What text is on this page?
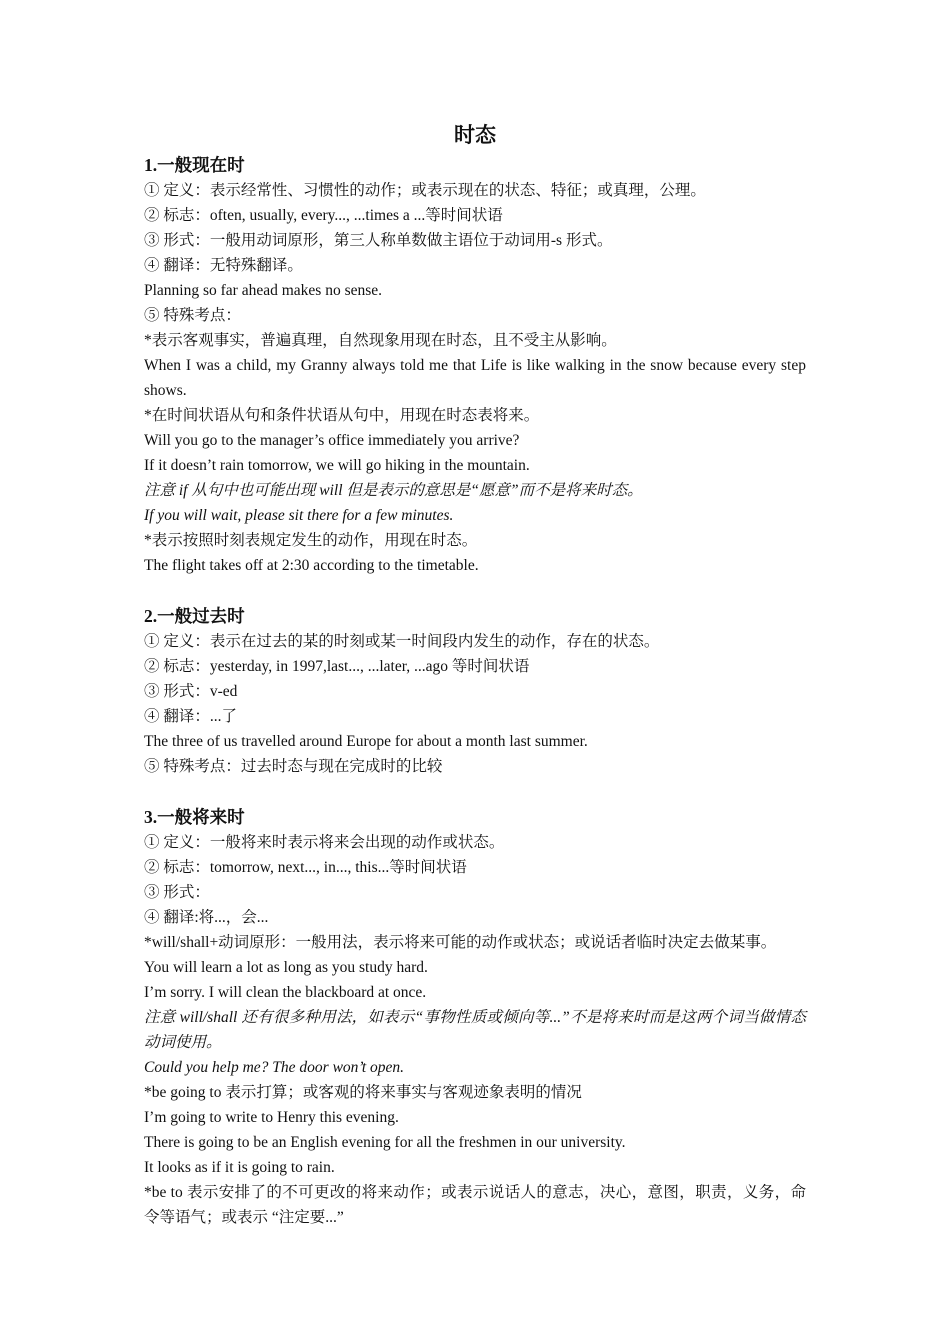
时态
1.一般现在时
① 定义：表示经常性、习惯性的动作；或表示现在的状态、特征；或真理，公理。
② 标志：often, usually, every..., ...times a ...等时间状语
③ 形式：一般用动词原形，第三人称单数做主语位于动词用-s 形式。
④ 翻译：无特殊翻译。
Planning so far ahead makes no sense.
⑤ 特殊考点：
*表示客观事实，普遍真理，自然现象用现在时态，且不受主从影响。
When I was a child, my Granny always told me that Life is like walking in the snow because every step shows.
*在时间状语从句和条件状语从句中，用现在时态表将来。
Will you go to the manager’s office immediately you arrive?
If it doesn’t rain tomorrow, we will go hiking in the mountain.
注意 if 从句中也可能出现 will 但是表示的意思是“愿意”而不是将来时态。
If you will wait, please sit there for a few minutes.
*表示按照时刻表规定发生的动作，用现在时态。
The flight takes off at 2:30 according to the timetable.
2.一般过去时
① 定义：表示在过去的某的时刻或某一时间段内发生的动作，存在的状态。
② 标志：yesterday, in 1997,last..., ...later, ...ago 等时间状语
③ 形式：v-ed
④ 翻译：...了
The three of us travelled around Europe for about a month last summer.
⑤ 特殊考点：过去时态与现在完成时的比较
3.一般将来时
① 定义：一般将来时表示将来会出现的动作或状态。
② 标志：tomorrow, next..., in..., this...等时间状语
③ 形式：
④ 翻译:将...，会...
*will/shall+动词原形：一般用法，表示将来可能的动作或状态；或说话者临时决定去做某事。
You will learn a lot as long as you study hard.
I’m sorry. I will clean the blackboard at once.
注意 will/shall 还有很多种用法，如表示“事物性质或倾向等...”不是将来时而是这两个词当做情态动词使用。
Could you help me? The door won’t open.
*be going to 表示打算；或客观的将来事实与客观迹象表明的情况
I’m going to write to Henry this evening.
There is going to be an English evening for all the freshmen in our university.
It looks as if it is going to rain.
*be to 表示安排了的不可更改的将来动作；或表示说话人的意志，决心，意图，职责，义务，命令等语气；或表示 “注定要...”
